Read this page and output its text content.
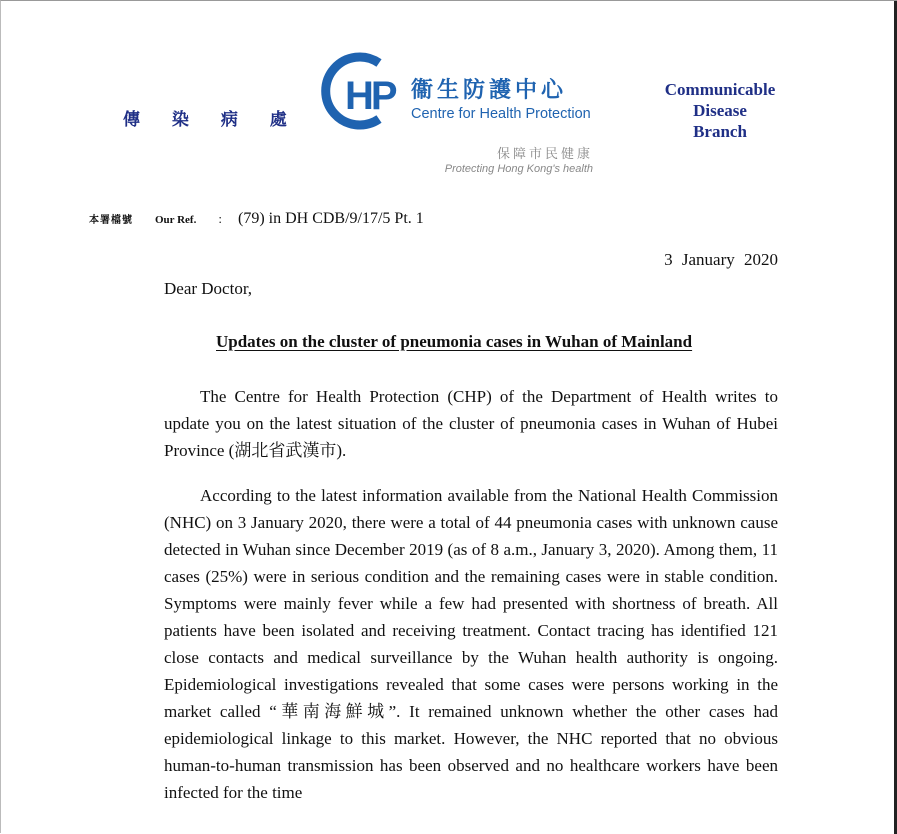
傳 染 病 處
HP 衞生防護中心
Centre for Health Protection
保障市民健康
Protecting Hong Kong's health
Communicable
Disease
Branch
本署檔號 Our Ref. : (79) in DH CDB/9/17/5 Pt. 1
3 January 2020
Dear Doctor,
Updates on the cluster of pneumonia cases in Wuhan of Mainland

The Centre for Health Protection (CHP) of the Department of Health writes to update you on the latest situation of the cluster of pneumonia cases in Wuhan of Hubei Province (湖北省武漢市).

According to the latest information available from the National Health Commission (NHC) on 3 January 2020, there were a total of 44 pneumonia cases with unknown cause detected in Wuhan since December 2019 (as of 8 a.m., January 3, 2020). Among them, 11 cases (25%) were in serious condition and the remaining cases were in stable condition. Symptoms were mainly fever while a few had presented with shortness of breath. All patients have been isolated and receiving treatment. Contact tracing has identified 121 close contacts and medical surveillance by the Wuhan health authority is ongoing. Epidemiological investigations revealed that some cases were persons working in the market called “華南海鮮城”. It remained unknown whether the other cases had epidemiological linkage to this market. However, the NHC reported that no obvious human-to-human transmission has been observed and no healthcare workers have been infected for the time
